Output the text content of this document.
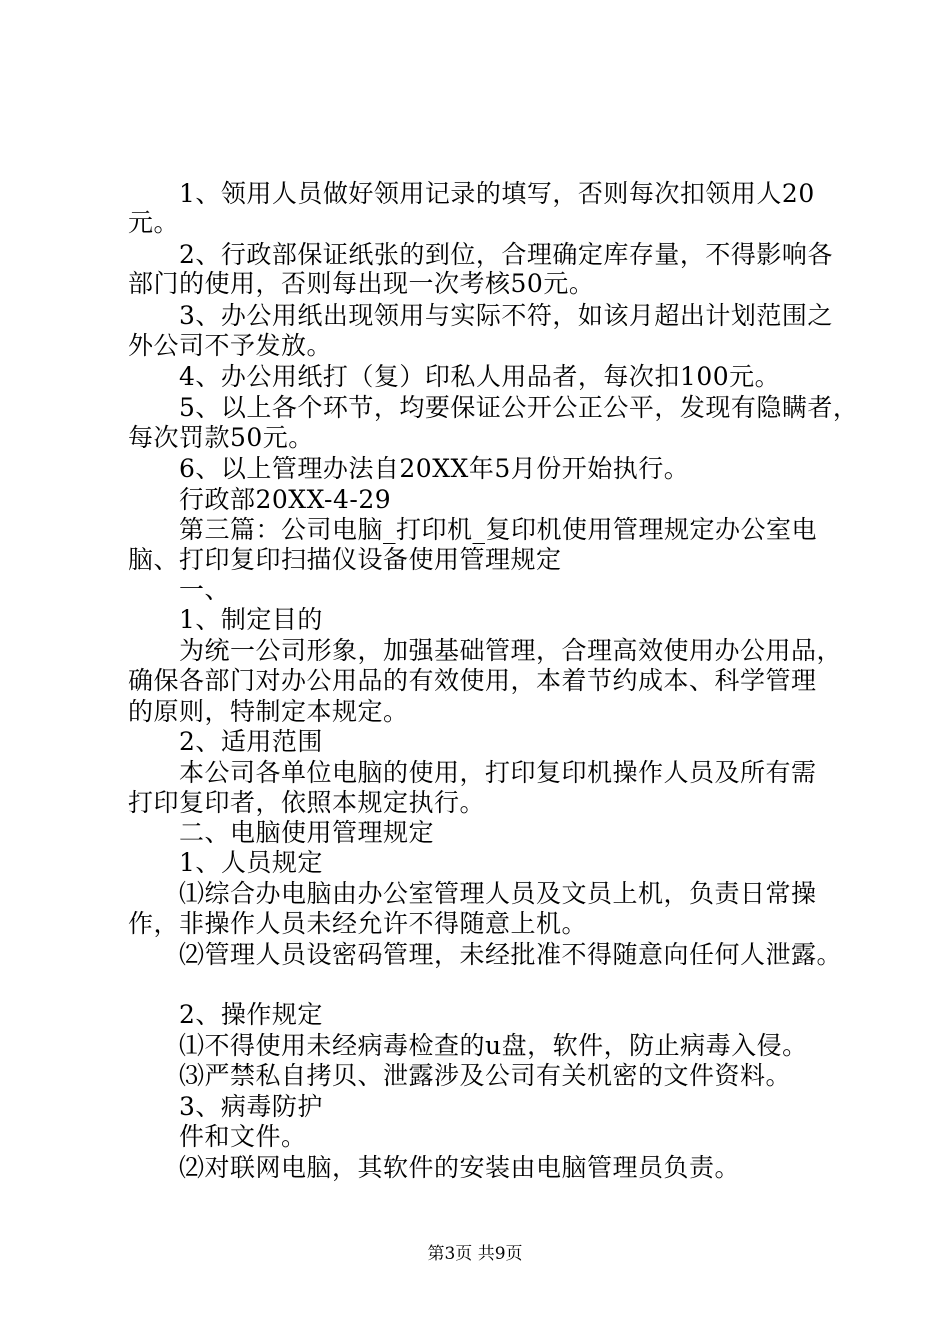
1、领用人员做好领用记录的填写，否则每次扣领用人20
元。
2、行政部保证纸张的到位，合理确定库存量，不得影响各
部门的使用，否则每出现一次考核50元。
3、办公用纸出现领用与实际不符，如该月超出计划范围之
外公司不予发放。
4、办公用纸打（复）印私人用品者，每次扣100元。
5、以上各个环节，均要保证公开公正公平，发现有隐瞒者，
每次罚款50元。
6、以上管理办法自20XX年5月份开始执行。
行政部20XX-4-29
第三篇：公司电脑_打印机_复印机使用管理规定办公室电
脑、打印复印扫描仪设备使用管理规定
一、
1、制定目的
为统一公司形象，加强基础管理，合理高效使用办公用品，
确保各部门对办公用品的有效使用，本着节约成本、科学管理
的原则，特制定本规定。
2、适用范围
本公司各单位电脑的使用，打印复印机操作人员及所有需
打印复印者，依照本规定执行。
二、电脑使用管理规定
1、人员规定
⑴综合办电脑由办公室管理人员及文员上机，负责日常操
作，非操作人员未经允许不得随意上机。
⑵管理人员设密码管理，未经批准不得随意向任何人泄露。
2、操作规定
⑴不得使用未经病毒检查的u盘，软件，防止病毒入侵。
⑶严禁私自拷贝、泄露涉及公司有关机密的文件资料。
3、病毒防护
件和文件。
⑵对联网电脑，其软件的安装由电脑管理员负责。
第3页 共9页
